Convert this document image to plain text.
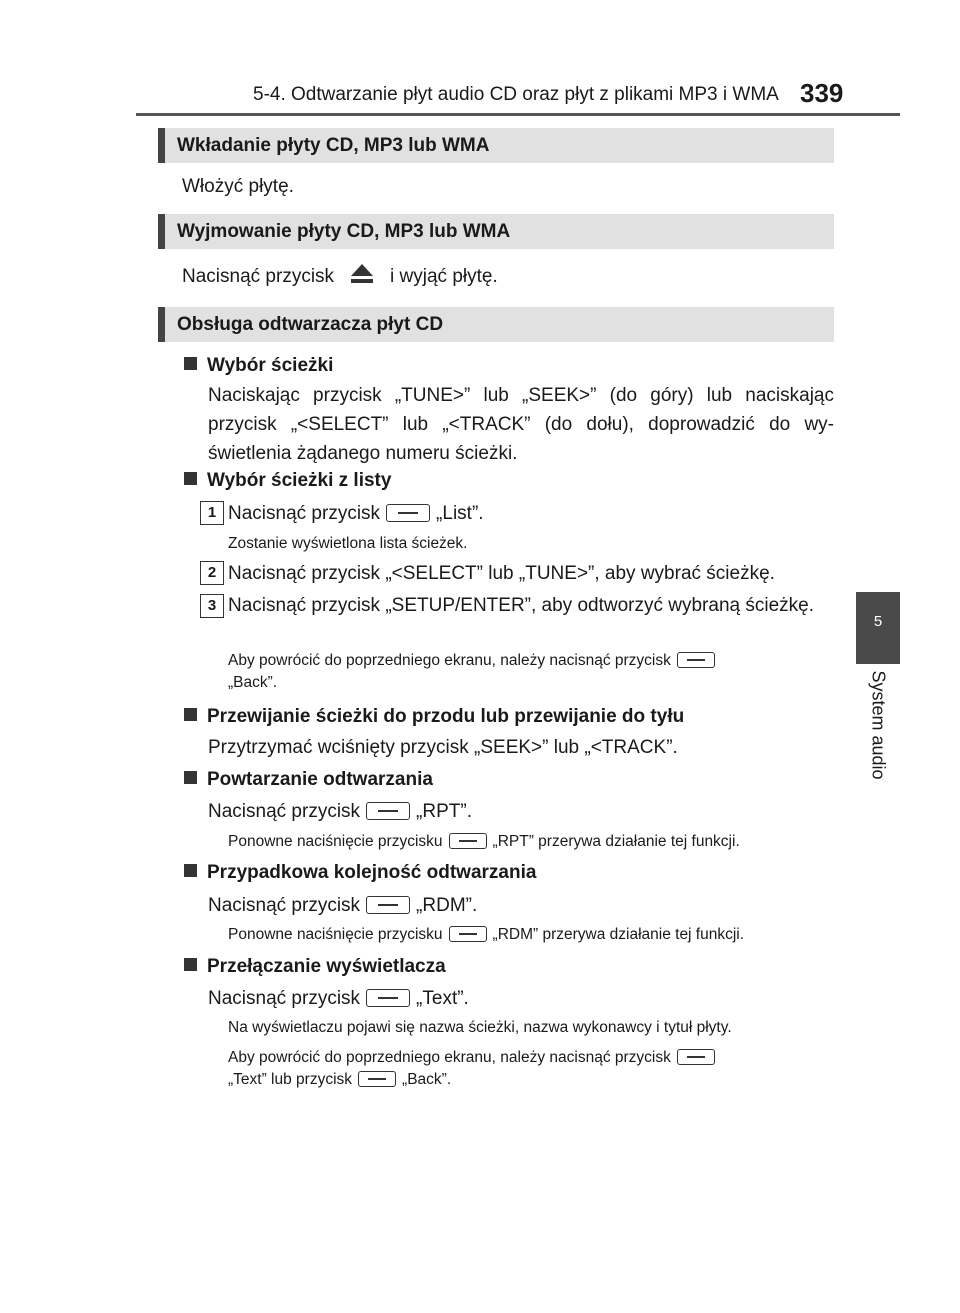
5-4. Odtwarzanie płyt audio CD oraz płyt z plikami MP3 i WMA 339
5
System audio
Wkładanie płyty CD, MP3 lub WMA
Włożyć płytę.
Wyjmowanie płyty CD, MP3 lub WMA
Nacisnąć przycisk	i wyjąć płytę.
Obsługa odtwarzacza płyt CD
Wybór ścieżki
Naciskając przycisk „TUNE>” lub „SEEK>” (do góry) lub naciskając przycisk „<SELECT” lub „<TRACK” (do dołu), doprowadzić do wy-świetlenia żądanego numeru ścieżki.
Wybór ścieżki z listy
1 Nacisnąć przycisk	„List”.
Zostanie wyświetlona lista ścieżek.
2 Nacisnąć przycisk „<SELECT” lub „TUNE>”, aby wybrać ścieżkę.
3 Nacisnąć przycisk „SETUP/ENTER”, aby odtworzyć wybraną ścieżkę.
Aby powrócić do poprzedniego ekranu, należy nacisnąć przycisk
„Back”.
Przewijanie ścieżki do przodu lub przewijanie do tyłu
Przytrzymać wciśnięty przycisk „SEEK>” lub „<TRACK”.
Powtarzanie odtwarzania
Nacisnąć przycisk	„RPT”.
Ponowne naciśnięcie przycisku	„RPT” przerywa działanie tej funkcji.
Przypadkowa kolejność odtwarzania
Nacisnąć przycisk	„RDM”.
Ponowne naciśnięcie przycisku	„RDM” przerywa działanie tej funkcji.
Przełączanie wyświetlacza
Nacisnąć przycisk	„Text”.
Na wyświetlaczu pojawi się nazwa ścieżki, nazwa wykonawcy i tytuł płyty.
Aby powrócić do poprzedniego ekranu, należy nacisnąć przycisk
„Text” lub przycisk	„Back”.
